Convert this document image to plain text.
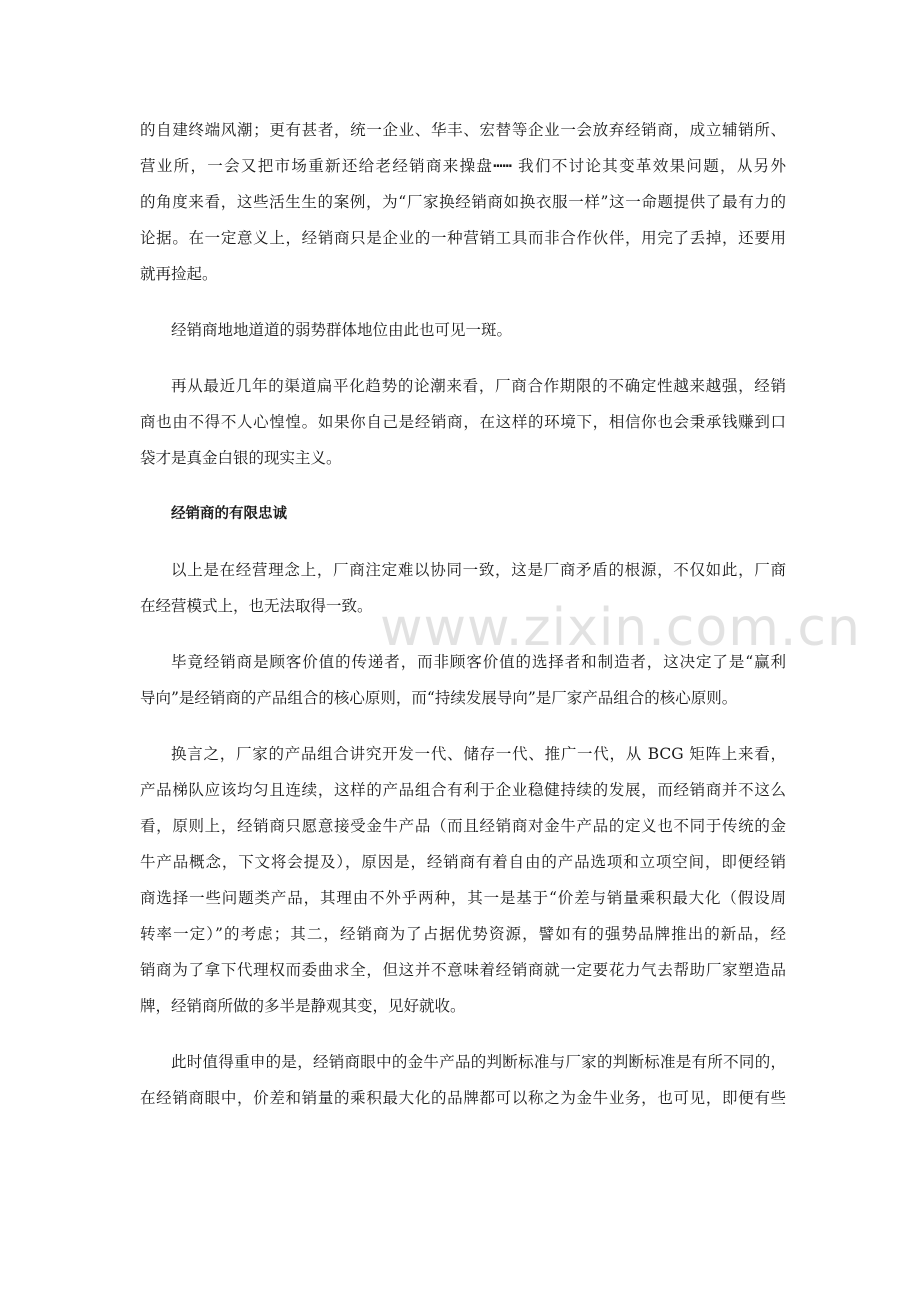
的自建终端风潮；更有甚者，统一企业、华丰、宏替等企业一会放弃经销商，成立辅销所、
营业所，一会又把市场重新还给老经销商来操盘┅┅ 我们不讨论其变革效果问题，从另外
的角度来看，这些活生生的案例，为“厂家换经销商如换衣服一样”这一命题提供了最有力的
论据。在一定意义上，经销商只是企业的一种营销工具而非合作伙伴，用完了丢掉，还要用
就再捡起。
经销商地地道道的弱势群体地位由此也可见一斑。
再从最近几年的渠道扁平化趋势的论潮来看，厂商合作期限的不确定性越来越强，经销
商也由不得不人心惶惶。如果你自己是经销商，在这样的环境下，相信你也会秉承钱赚到口
袋才是真金白银的现实主义。
经销商的有限忠诚
以上是在经营理念上，厂商注定难以协同一致，这是厂商矛盾的根源，不仅如此，厂商
在经营模式上，也无法取得一致。
毕竟经销商是顾客价值的传递者，而非顾客价值的选择者和制造者，这决定了是“赢利
导向”是经销商的产品组合的核心原则，而“持续发展导向”是厂家产品组合的核心原则。
换言之，厂家的产品组合讲究开发一代、储存一代、推广一代，从 BCG 矩阵上来看，
产品梯队应该均匀且连续，这样的产品组合有利于企业稳健持续的发展，而经销商并不这么
看，原则上，经销商只愿意接受金牛产品（而且经销商对金牛产品的定义也不同于传统的金
牛产品概念，下文将会提及），原因是，经销商有着自由的产品选项和立项空间，即便经销
商选择一些问题类产品，其理由不外乎两种，其一是基于“价差与销量乘积最大化（假设周
转率一定）”的考虑；其二，经销商为了占据优势资源，譬如有的强势品牌推出的新品，经
销商为了拿下代理权而委曲求全，但这并不意味着经销商就一定要花力气去帮助厂家塑造品
牌，经销商所做的多半是静观其变，见好就收。
此时值得重申的是，经销商眼中的金牛产品的判断标准与厂家的判断标准是有所不同的，
在经销商眼中，价差和销量的乘积最大化的品牌都可以称之为金牛业务，也可见，即便有些
www.zixin.com.cn
